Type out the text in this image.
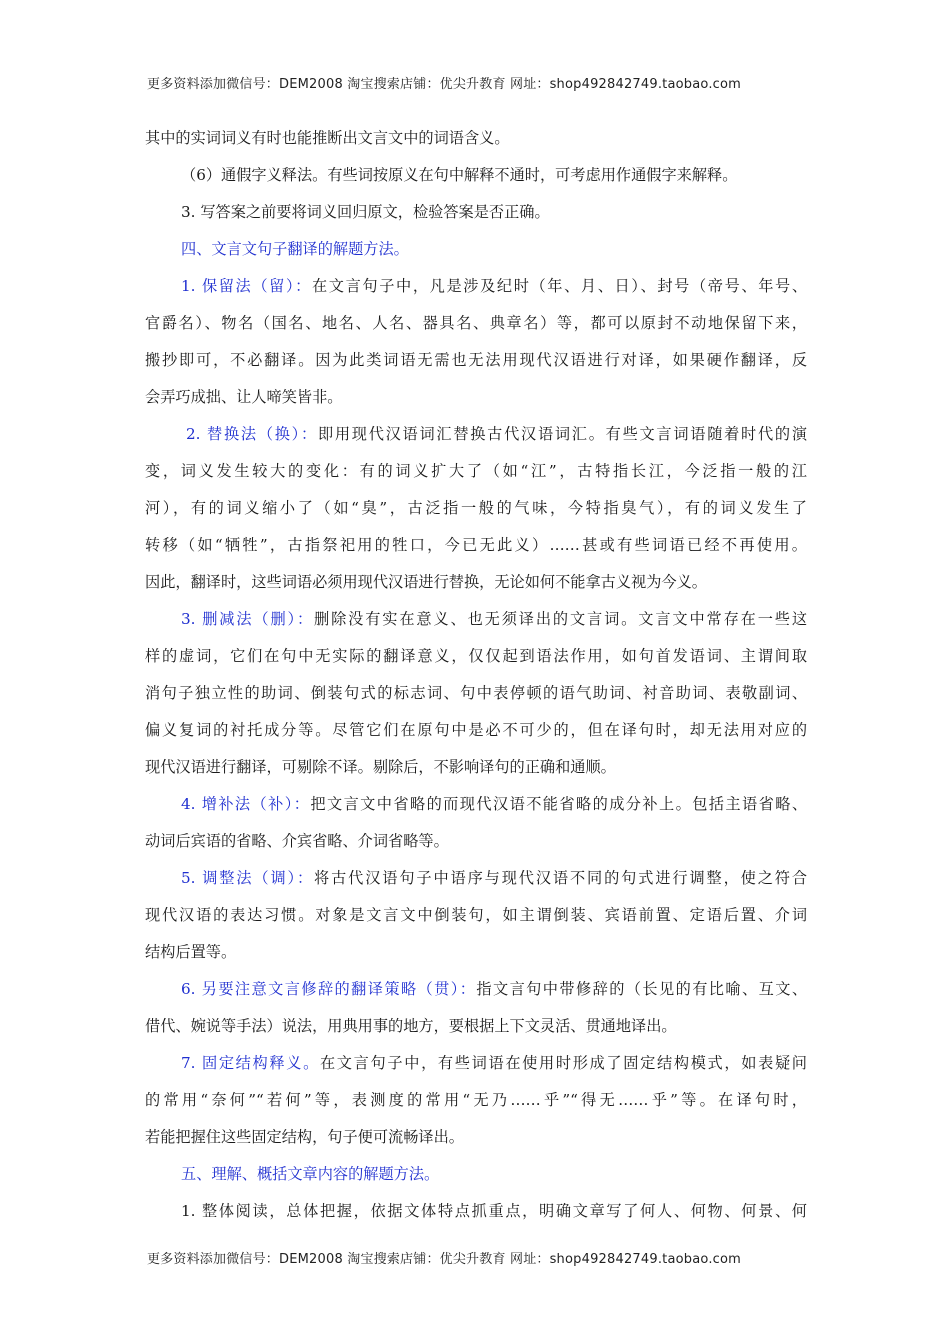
更多资料添加微信号：DEM2008 淘宝搜索店铺：优尖升教育 网址：shop492842749.taobao.com
其中的实词词义有时也能推断出文言文中的词语含义。
（6）通假字义释法。有些词按原义在句中解释不通时，可考虑用作通假字来解释。
3. 写答案之前要将词义回归原文，检验答案是否正确。
四、文言文句子翻译的解题方法。
1. 保留法（留）：在文言句子中，凡是涉及纪时（年、月、日）、封号（帝号、年号、
官爵名）、物名（国名、地名、人名、器具名、典章名）等，都可以原封不动地保留下来，
搬抄即可，不必翻译。因为此类词语无需也无法用现代汉语进行对译，如果硬作翻译，反
会弄巧成拙、让人啼笑皆非。
2. 替换法（换）：即用现代汉语词汇替换古代汉语词汇。有些文言词语随着时代的演
变，词义发生较大的变化：有的词义扩大了（如“江”，古特指长江，今泛指一般的江
河），有的词义缩小了（如“臭”，古泛指一般的气味，今特指臭气），有的词义发生了
转移（如“牺牲”，古指祭祀用的牲口，今已无此义）……甚或有些词语已经不再使用。
因此，翻译时，这些词语必须用现代汉语进行替换，无论如何不能拿古义视为今义。
3. 删减法（删）：删除没有实在意义、也无须译出的文言词。文言文中常存在一些这
样的虚词，它们在句中无实际的翻译意义，仅仅起到语法作用，如句首发语词、主谓间取
消句子独立性的助词、倒装句式的标志词、句中表停顿的语气助词、衬音助词、表敬副词、
偏义复词的衬托成分等。尽管它们在原句中是必不可少的，但在译句时，却无法用对应的
现代汉语进行翻译，可剔除不译。剔除后，不影响译句的正确和通顺。
4. 增补法（补）：把文言文中省略的而现代汉语不能省略的成分补上。包括主语省略、
动词后宾语的省略、介宾省略、介词省略等。
5. 调整法（调）：将古代汉语句子中语序与现代汉语不同的句式进行调整，使之符合
现代汉语的表达习惯。对象是文言文中倒装句，如主谓倒装、宾语前置、定语后置、介词
结构后置等。
6. 另要注意文言修辞的翻译策略（贯）：指文言句中带修辞的（长见的有比喻、互文、
借代、婉说等手法）说法，用典用事的地方，要根据上下文灵活、贯通地译出。
7. 固定结构释义。在文言句子中，有些词语在使用时形成了固定结构模式，如表疑问
的常用“奈何”“若何”等，表测度的常用“无乃……乎”“得无……乎”等。在译句时，
若能把握住这些固定结构，句子便可流畅译出。
五、理解、概括文章内容的解题方法。
1. 整体阅读，总体把握，依据文体特点抓重点，明确文章写了何人、何物、何景、何
更多资料添加微信号：DEM2008 淘宝搜索店铺：优尖升教育 网址：shop492842749.taobao.com
